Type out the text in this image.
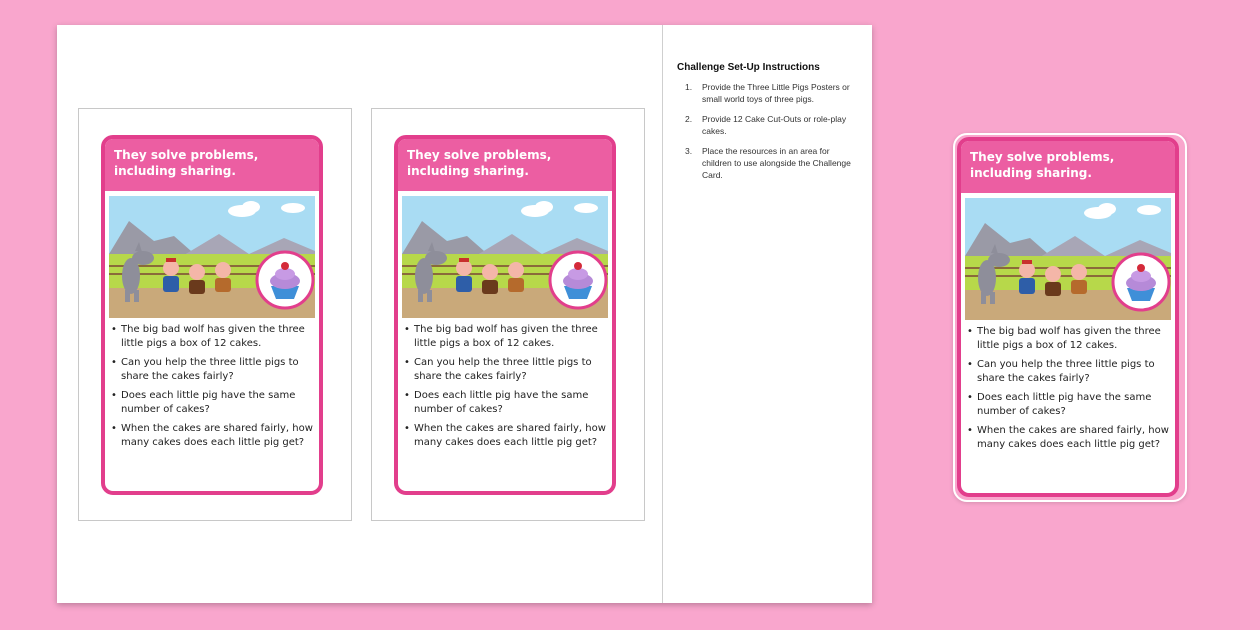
They solve problems, including sharing.
• The big bad wolf has given the three little pigs a box of 12 cakes.
• Can you help the three little pigs to share the cakes fairly?
• Does each little pig have the same number of cakes?
• When the cakes are shared fairly, how many cakes does each little pig get?
They solve problems, including sharing.
• The big bad wolf has given the three little pigs a box of 12 cakes.
• Can you help the three little pigs to share the cakes fairly?
• Does each little pig have the same number of cakes?
• When the cakes are shared fairly, how many cakes does each little pig get?

Challenge Set-Up Instructions

1. Provide the Three Little Pigs Posters or small world toys of three pigs.
2. Provide 12 Cake Cut-Outs or role-play cakes.
3. Place the resources in an area for children to use alongside the Challenge Card.
They solve problems, including sharing.
• The big bad wolf has given the three little pigs a box of 12 cakes.
• Can you help the three little pigs to share the cakes fairly?
• Does each little pig have the same number of cakes?
• When the cakes are shared fairly, how many cakes does each little pig get?
